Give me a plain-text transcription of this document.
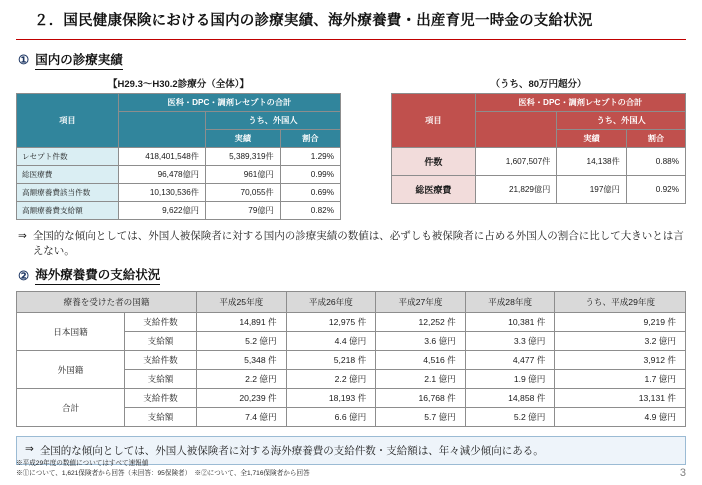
２．国民健康保険における国内の診療実績、海外療養費・出産育児一時金の支給状況
① 国内の診療実績
【H29.3～H30.2診療分（全体）】
項目	医科・DPC・調剤レセプトの合計		
		うち、外国人	
		実績	割合
レセプト件数	418,401,548件	5,389,319件	1.29%
総医療費	96,478億円	961億円	0.99%
高額療養費該当件数	10,130,536件	70,055件	0.69%
高額療養費支給額	9,622億円	79億円	0.82%
（うち、80万円超分）
項目	医科・DPC・調剤レセプトの合計		
		うち、外国人	
		実績	割合
件数	1,607,507件	14,138件	0.88%
総医療費	21,829億円	197億円	0.92%
⇒ 全国的な傾向としては、外国人被保険者に対する国内の診療実績の数値は、必ずしも被保険者に占める外国人の割合に比して大きいとは言えない。
② 海外療養費の支給状況
療養を受けた者の国籍		平成25年度	平成26年度	平成27年度	平成28年度	うち、平成29年度
日本国籍	支給件数	14,891 件	12,975 件	12,252 件	10,381 件	9,219 件
	支給額	5.2 億円	4.4 億円	3.6 億円	3.3 億円	3.2 億円
外国籍	支給件数	5,348 件	5,218 件	4,516 件	4,477 件	3,912 件
	支給額	2.2 億円	2.2 億円	2.1 億円	1.9 億円	1.7 億円
合計	支給件数	20,239 件	18,193 件	16,768 件	14,858 件	13,131 件
	支給額	7.4 億円	6.6 億円	5.7 億円	5.2 億円	4.9 億円
⇒ 全国的な傾向としては、外国人被保険者に対する海外療養費の支給件数・支給額は、年々減少傾向にある。
※平成29年度の数値についてはすべて速報値
※①について、1,621保険者から回答（未回答：95保険者）　※②について、全1,716保険者から回答	3
